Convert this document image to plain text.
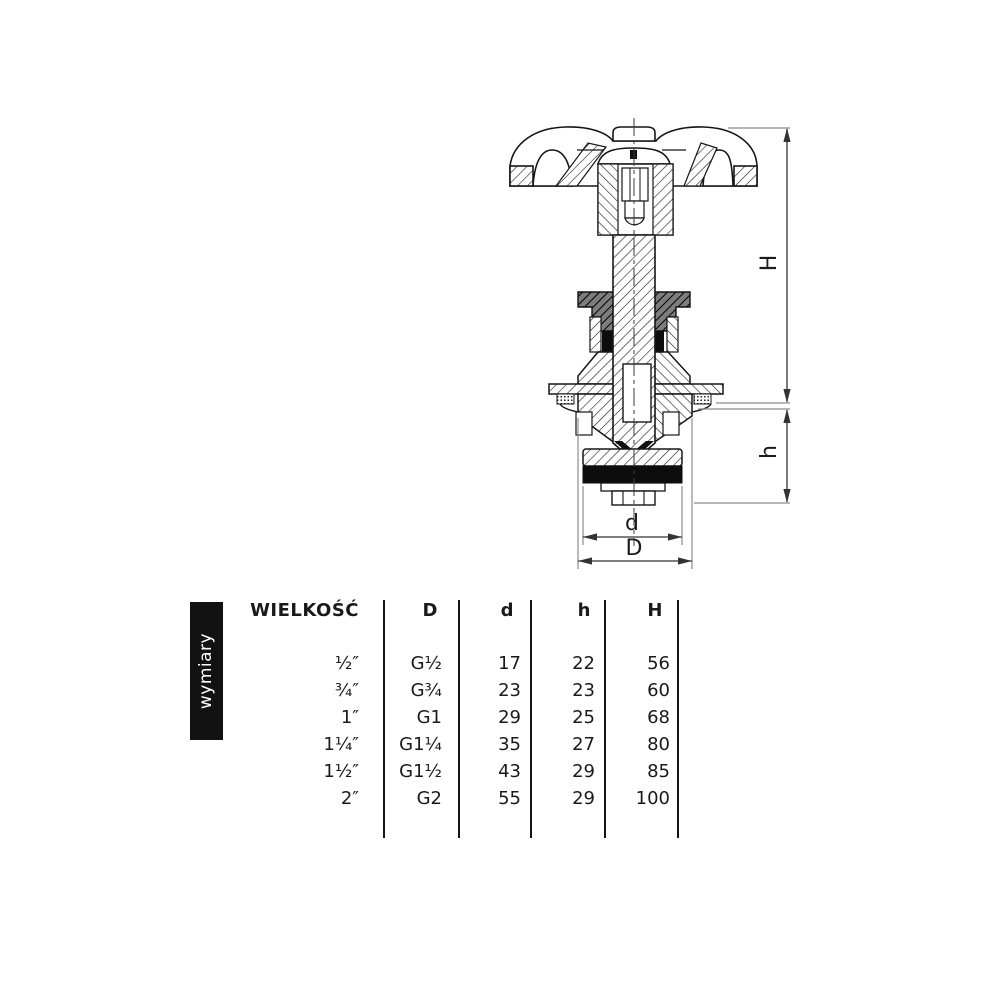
H
h
d
D
wymiary
WIELKOŚĆ	D	d	h	H
½″	G½	17	22	56
¾″	G¾	23	23	60
1″	G1	29	25	68
1¼″	G1¼	35	27	80
1½″	G1½	43	29	85
2″	G2	55	29	100
